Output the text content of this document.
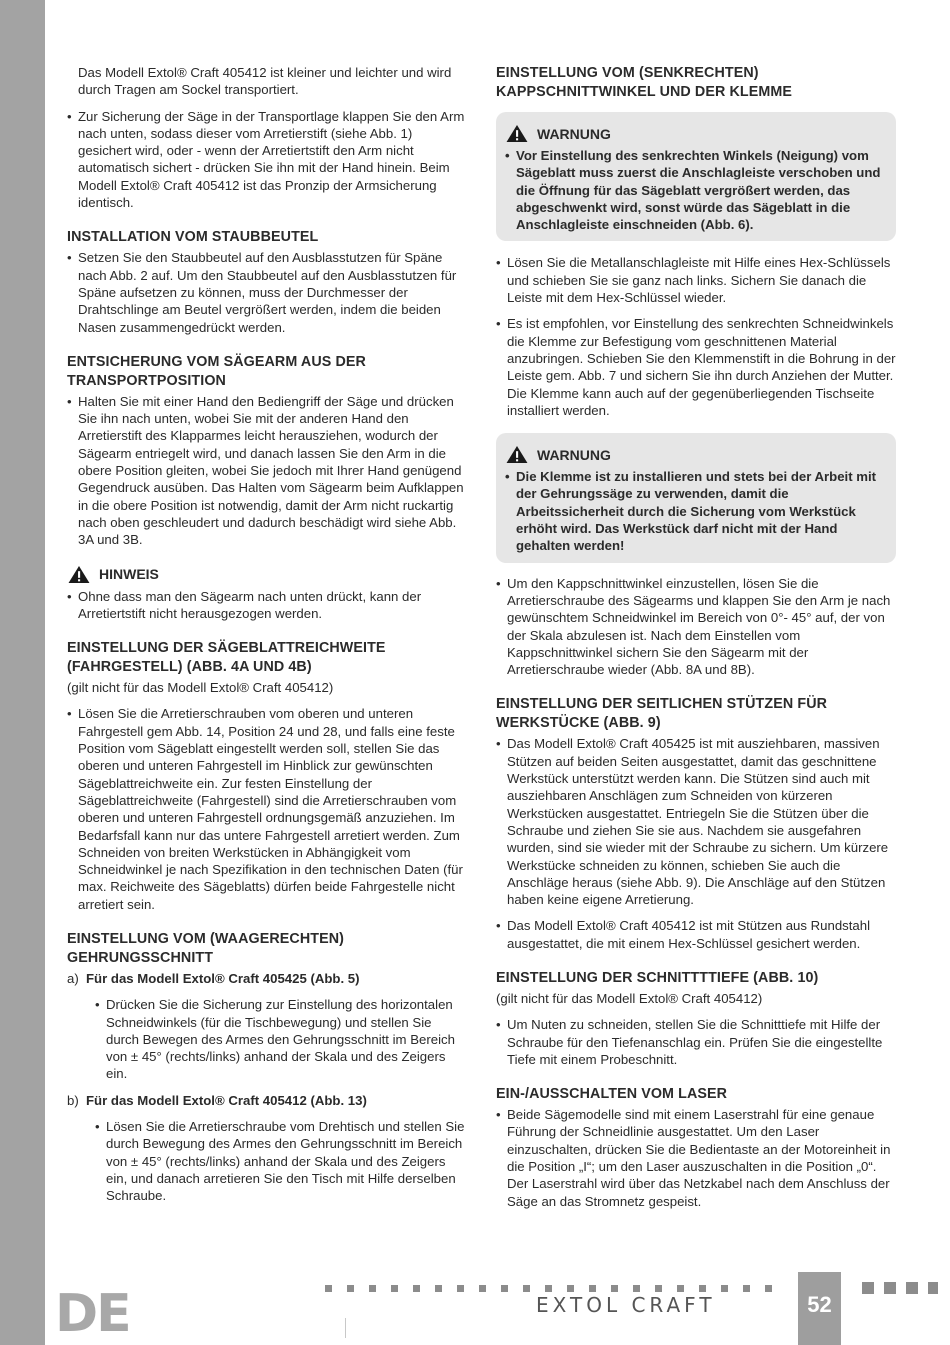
DE

Das Modell Extol® Craft 405412 ist kleiner und leichter und wird durch Tragen am Sockel transportiert.

• Zur Sicherung der Säge in der Transportlage klappen Sie den Arm nach unten, sodass dieser vom Arretierstift (siehe Abb. 1) gesichert wird, oder - wenn der Arretiertstift den Arm nicht automatisch sichert - drücken Sie ihn mit der Hand hinein. Beim Modell Extol® Craft 405412 ist das Pronzip der Armsicherung identisch.

INSTALLATION VOM STAUBBEUTEL

• Setzen Sie den Staubbeutel auf den Ausblasstutzen für Späne nach Abb. 2 auf. Um den Staubbeutel auf den Ausblasstutzen für Späne aufsetzen zu können, muss der Durchmesser der Drahtschlinge am Beutel vergrößert werden, indem die beiden Nasen zusammengedrückt werden.

ENTSICHERUNG VOM SÄGEARM AUS DER TRANSPORTPOSITION

• Halten Sie mit einer Hand den Bediengriff der Säge und drücken Sie ihn nach unten, wobei Sie mit der anderen Hand den Arretierstift des Klapparmes leicht herausziehen, wodurch der Sägearm entriegelt wird, und danach lassen Sie den Arm in die obere Position gleiten, wobei Sie jedoch mit Ihrer Hand genügend Gegendruck ausüben. Das Halten vom Sägearm beim Aufklappen in die obere Position ist notwendig, damit der Arm nicht ruckartig nach oben geschleudert und dadurch beschädigt wird siehe Abb. 3A und 3B.

HINWEIS

• Ohne dass man den Sägearm nach unten drückt, kann der Arretiertstift nicht herausgezogen werden.

EINSTELLUNG DER SÄGEBLATTREICHWEITE (FAHRGESTELL) (ABB. 4A UND 4B)

(gilt nicht für das Modell Extol® Craft 405412)

• Lösen Sie die Arretierschrauben vom oberen und unteren Fahrgestell gem Abb. 14, Position 24 und 28, und falls eine feste Position vom Sägeblatt eingestellt werden soll, stellen Sie das oberen und unteren Fahrgestell im Hinblick zur gewünschten Sägeblattreichweite ein. Zur festen Einstellung der Sägeblattreichweite (Fahrgestell) sind die Arretierschrauben vom oberen und unteren Fahrgestell ordnungsgemäß anzuziehen. Im Bedarfsfall kann nur das untere Fahrgestell arretiert werden. Zum Schneiden von breiten Werkstücken in Abhängigkeit vom Schneidwinkel je nach Spezifikation in den technischen Daten (für max. Reichweite des Sägeblatts) dürfen beide Fahrgestelle nicht arretiert sein.

EINSTELLUNG VOM (WAAGERECHTEN) GEHRUNGSSCHNITT

a) Für das Modell Extol® Craft 405425 (Abb. 5)

• Drücken Sie die Sicherung zur Einstellung des horizontalen Schneidwinkels (für die Tischbewegung) und stellen Sie durch Bewegen des Armes den Gehrungsschnitt im Bereich von ± 45° (rechts/links) anhand der Skala und des Zeigers ein.

b) Für das Modell Extol® Craft 405412 (Abb. 13)

• Lösen Sie die Arretierschraube vom Drehtisch und stellen Sie durch Bewegung des Armes den Gehrungsschnitt im Bereich von ± 45° (rechts/links) anhand der Skala und des Zeigers ein, und danach arretieren Sie den Tisch mit Hilfe derselben Schraube.

EINSTELLUNG VOM (SENKRECHTEN) KAPPSCHNITTWINKEL UND DER KLEMME
WARNUNG

• Vor Einstellung des senkrechten Winkels (Neigung) vom Sägeblatt muss zuerst die Anschlagleiste verschoben und die Öffnung für das Sägeblatt vergrößert werden, das abgeschwenkt wird, sonst würde das Sägeblatt in die Anschlagleiste einschneiden (Abb. 6).

• Lösen Sie die Metallanschlagleiste mit Hilfe eines Hex-Schlüssels und schieben Sie sie ganz nach links. Sichern Sie danach die Leiste mit dem Hex-Schlüssel wieder.

• Es ist empfohlen, vor Einstellung des senkrechten Schneidwinkels die Klemme zur Befestigung vom geschnittenen Material anzubringen. Schieben Sie den Klemmenstift in die Bohrung in der Leiste gem. Abb. 7 und sichern Sie ihn durch Anziehen der Mutter. Die Klemme kann auch auf der gegenüberliegenden Tischseite installiert werden.

WARNUNG

• Die Klemme ist zu installieren und stets bei der Arbeit mit der Gehrungssäge zu verwenden, damit die Arbeitssicherheit durch die Sicherung vom Werkstück erhöht wird. Das Werkstück darf nicht mit der Hand gehalten werden!

• Um den Kappschnittwinkel einzustellen, lösen Sie die Arretierschraube des Sägearms und klappen Sie den Arm je nach gewünschtem Schneidwinkel im Bereich von 0°- 45° auf, der von der Skala abzulesen ist. Nach dem Einstellen vom Kappschnittwinkel sichern Sie den Sägearm mit der Arretierschraube wieder (Abb. 8A und 8B).

EINSTELLUNG DER SEITLICHEN STÜTZEN FÜR WERKSTÜCKE (ABB. 9)

• Das Modell Extol® Craft 405425 ist mit ausziehbaren, massiven Stützen auf beiden Seiten ausgestattet, damit das geschnittene Werkstück unterstützt werden kann. Die Stützen sind auch mit ausziehbaren Anschlägen zum Schneiden von kürzeren Werkstücken ausgestattet. Entriegeln Sie die Stützen über die Schraube und ziehen Sie sie aus. Nachdem sie ausgefahren wurden, sind sie wieder mit der Schraube zu sichern. Um kürzere Werkstücke schneiden zu können, schieben Sie auch die Anschläge heraus (siehe Abb. 9). Die Anschläge auf den Stützen haben keine eigene Arretierung.

• Das Modell Extol® Craft 405412 ist mit Stützen aus Rundstahl ausgestattet, die mit einem Hex-Schlüssel gesichert werden.

EINSTELLUNG DER SCHNITTTTIEFE (ABB. 10)

(gilt nicht für das Modell Extol® Craft 405412)

• Um Nuten zu schneiden, stellen Sie die Schnitttiefe mit Hilfe der Schraube für den Tiefenanschlag ein. Prüfen Sie die eingestellte Tiefe mit einem Probeschnitt.

EIN-/AUSSCHALTEN VOM LASER

• Beide Sägemodelle sind mit einem Laserstrahl für eine genaue Führung der Schneidlinie ausgestattet. Um den Laser einzuschalten, drücken Sie die Bedientaste an der Motoreinheit in die Position „I“; um den Laser auszuschalten in die Position „0“. Der Laserstrahl wird über das Netzkabel nach dem Anschluss der Säge an das Stromnetz gespeist.

EXTOL CRAFT	52
